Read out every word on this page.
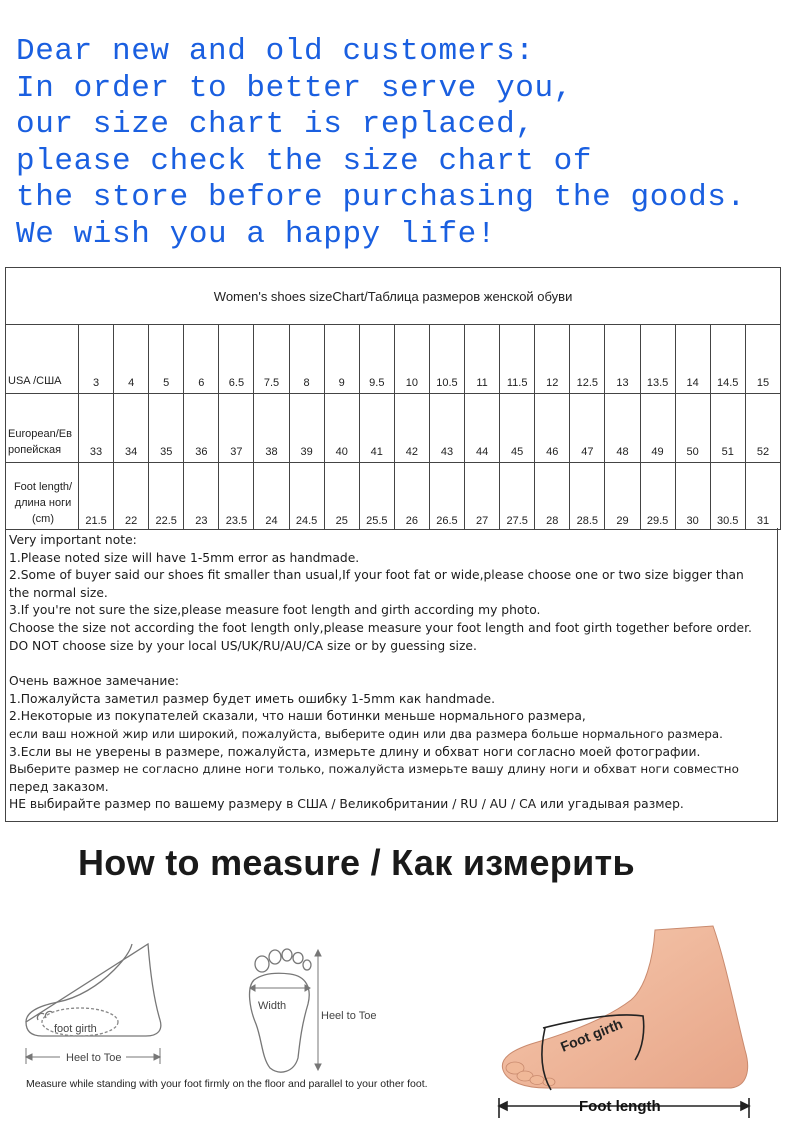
Dear new and old customers:
In order to better serve you,
our size chart is replaced,
please check the size chart of
the store before purchasing the goods.
We wish you a happy life!
Women's shoes sizeChart/Таблица размеров женской обуви																				
USA /США	3	4	5	6	6.5	7.5	8	9	9.5	10	10.5	11	11.5	12	12.5	13	13.5	14	14.5	15
European/Ев
ропейская	33	34	35	36	37	38	39	40	41	42	43	44	45	46	47	48	49	50	51	52
Foot length/
длина ноги
(cm)	21.5	22	22.5	23	23.5	24	24.5	25	25.5	26	26.5	27	27.5	28	28.5	29	29.5	30	30.5	31
Very important note:
1.Please noted size will have 1-5mm error as handmade.
2.Some of buyer said our shoes fit smaller than usual,If your foot fat or wide,please choose one or two size bigger than
the normal size.
3.If you're not sure the size,please measure foot length and girth according my photo.
Choose the size not according the foot length only,please measure your foot length and foot girth together before order.
DO NOT choose size by your local US/UK/RU/AU/CA size or by guessing size.
Очень важное замечание:
1.Пожалуйста заметил размер будет иметь ошибку 1-5mm как handmade.
2.Некоторые из покупателей сказали, что наши ботинки меньше нормального размера,
если ваш ножной жир или широкий, пожалуйста, выберите один или два размера больше нормального размера.
3.Если вы не уверены в размере, пожалуйста, измерьте длину и обхват ноги согласно моей фотографии.
Выберите размер не согласно длине ноги только, пожалуйста измерьте вашу длину ноги и обхват ноги совместно
перед заказом.
НЕ выбирайте размер по вашему размеру в США / Великобритании / RU / AU / CA или угадывая размер.
How to measure / Как измерить
foot girth
Heel to Toe
Width
Heel to Toe
Measure while standing with your foot firmly on the floor and parallel to your other foot.
Foot girth
Foot length
